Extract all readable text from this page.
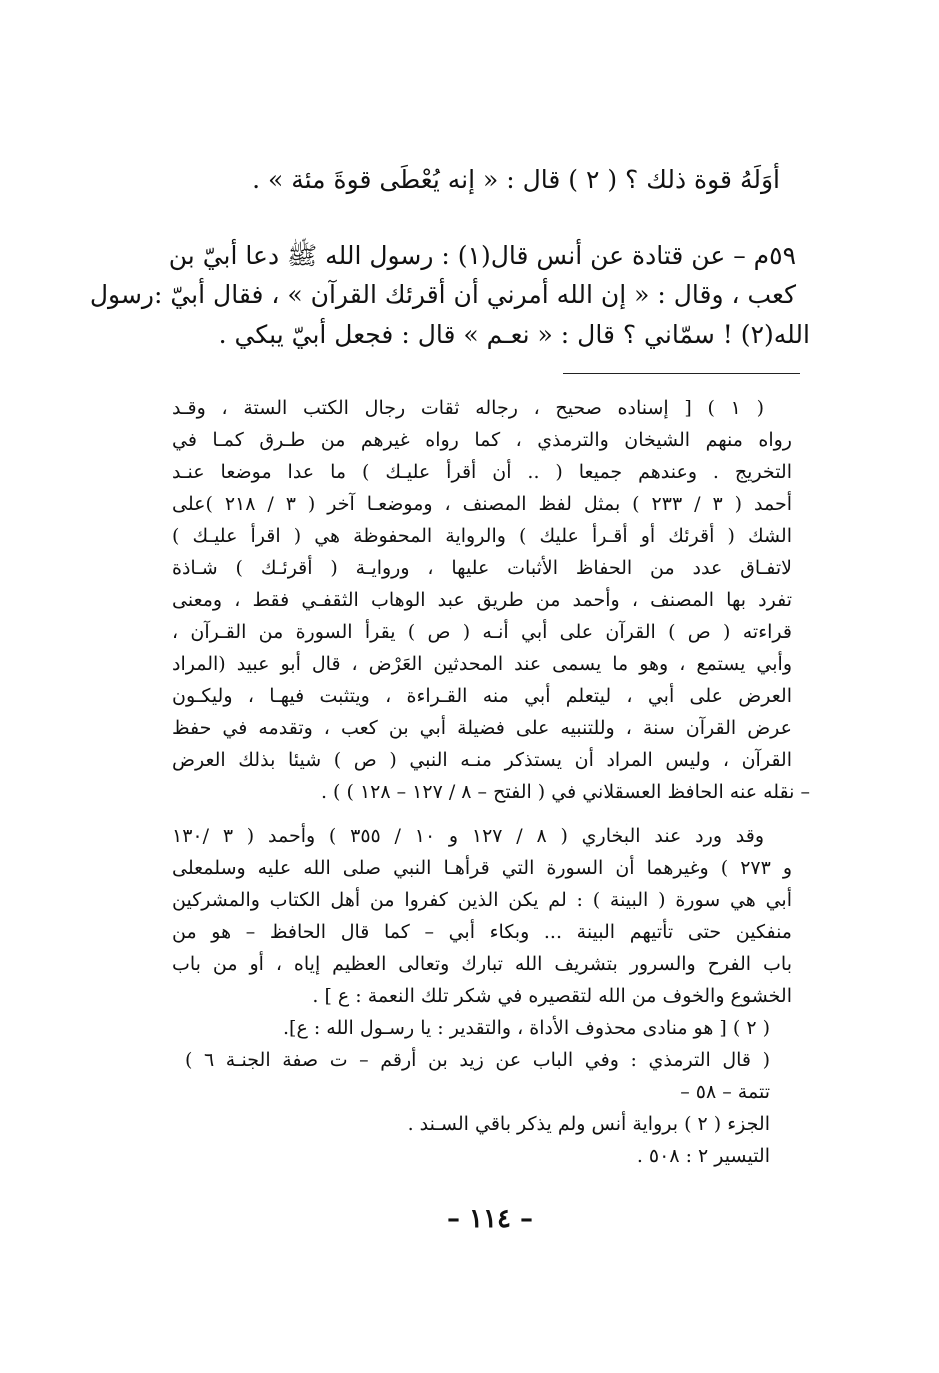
أوَلَهُ قوة ذلك ؟ ( ٢ ) قال : « إنه يُعْطَى قوةَ مئة » .
٥٩م – عن قتادة عن أنس قال(١) : رسول الله ﷺ دعا أبيّ بن
كعب ، وقال : « إن الله أمرني أن أقرئك القرآن » ، فقال أبيّ :رسول
الله(٢) ! سمّاني ؟ قال : « نعـم » قال : فجعل أبيّ يبكي .
( ١ ) [ إسناده صحيح ، رجاله ثقات رجال الكتب الستة ، وقـد
رواه منهم الشيخان والترمذي ، كما رواه غيرهم من طـرق كمـا في
التخريج . وعندهم جميعا ( .. أن أقرأ عليـك ) ما عدا موضعا عنـد
أحمد ( ٣ / ٢٣٣ ) بمثل لفظ المصنف ، وموضعـا آخر ( ٣ / ٢١٨ )على
الشك ( أقرئك أو أقـرأ عليك ) والرواية المحفوظة هي ( اقرأ عليـك )
لاتفـاق عدد من الحفاظ الأثبات عليها ، وروايـة ( أقرئـك ) شـاذة
تفرد بها المصنف ، وأحمد من طريق عبد الوهاب الثقفـي فقط ، ومعنى
قراءته ( ص ) القرآن على أبي أنـه ( ص ) يقرأ السورة من القـرآن ،
وأبي يستمع ، وهو ما يسمى عند المحدثين العَرْض ، قال أبو عبيد (المراد
العرض على أبي ، ليتعلم أبي منه القـراءة ، ويتثبت فيهـا ، وليكـون
عرض القرآن سنة ، وللتنبيه على فضيلة أبي بن كعب ، وتقدمه في حفظ
القرآن ، وليس المراد أن يستذكر منـه النبي ( ص ) شيئا بذلك العرض
– نقله عنه الحافظ العسقلاني في ( الفتح – ٨ / ١٢٧ – ١٢٨ ) ) .
وقد ورد عند البخاري ( ٨ / ١٢٧ و ١٠ / ٣٥٥ ) وأحمد ( ٣ /١٣٠
و ٢٧٣ ) وغيرهما أن السورة التي قرأهـا النبي صلى الله عليه وسلمعلى
أبي هي سورة ( البينة ) : لم يكن الذين كفروا من أهل الكتاب والمشركين
منفكين حتى تأتيهم البينة ... وبكاء أبي – كما قال الحافظ – هو من
باب الفرح والسرور بتشريف الله تبارك وتعالى العظيم إياه ، أو من باب
الخشوع والخوف من الله لتقصيره في شكر تلك النعمة : ع ] .
( ٢ ) [ هو منادى محذوف الأداة ، والتقدير : يا رسـول الله : ع].
( قال الترمذي : وفي الباب عن زيد بن أرقم – ت صفة الجنـة ٦ )
تتمة – ٥٨ –
الجزء ( ٢ ) برواية أنس ولم يذكر باقي السـند .
التيسير ٢ : ٥٠٨ .
– ١١٤ –
